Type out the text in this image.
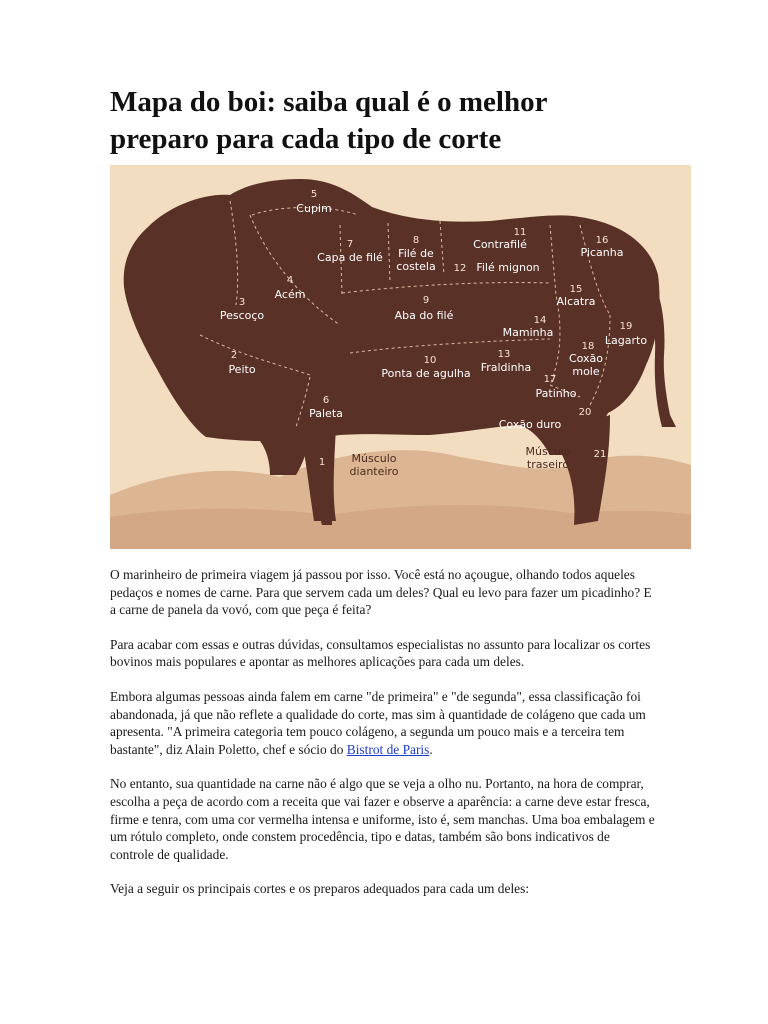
Mapa do boi: saiba qual é o melhor
preparo para cada tipo de corte
5
Cupim
7
Capa de filé
8
Filé de
costela
11
Contrafilé
12 Filé mignon
16
Picanha
4
Acém
3
Pescoço
9
Aba do filé
15
Alcatra
14
Maminha	19
Lagarto
18
Coxão
mole
2
Peito
10
Ponta de agulha
13
Fraldinha
17
Patinho
6
Paleta	20
Coxão duro
1 Músculo
dianteiro
21
Músculo
traseiro

O marinheiro de primeira viagem já passou por isso. Você está no açougue, olhando todos aqueles pedaços e nomes de carne. Para que servem cada um deles? Qual eu levo para fazer um picadinho? E a carne de panela da vovó, com que peça é feita?

Para acabar com essas e outras dúvidas, consultamos especialistas no assunto para localizar os cortes bovinos mais populares e apontar as melhores aplicações para cada um deles.

Embora algumas pessoas ainda falem em carne "de primeira" e "de segunda", essa classificação foi abandonada, já que não reflete a qualidade do corte, mas sim à quantidade de colágeno que cada um apresenta. "A primeira categoria tem pouco colágeno, a segunda um pouco mais e a terceira tem bastante", diz Alain Poletto, chef e sócio do Bistrot de Paris.

No entanto, sua quantidade na carne não é algo que se veja a olho nu. Portanto, na hora de comprar, escolha a peça de acordo com a receita que vai fazer e observe a aparência: a carne deve estar fresca, firme e tenra, com uma cor vermelha intensa e uniforme, isto é, sem manchas. Uma boa embalagem e um rótulo completo, onde constem procedência, tipo e datas, também são bons indicativos de controle de qualidade.

Veja a seguir os principais cortes e os preparos adequados para cada um deles:
